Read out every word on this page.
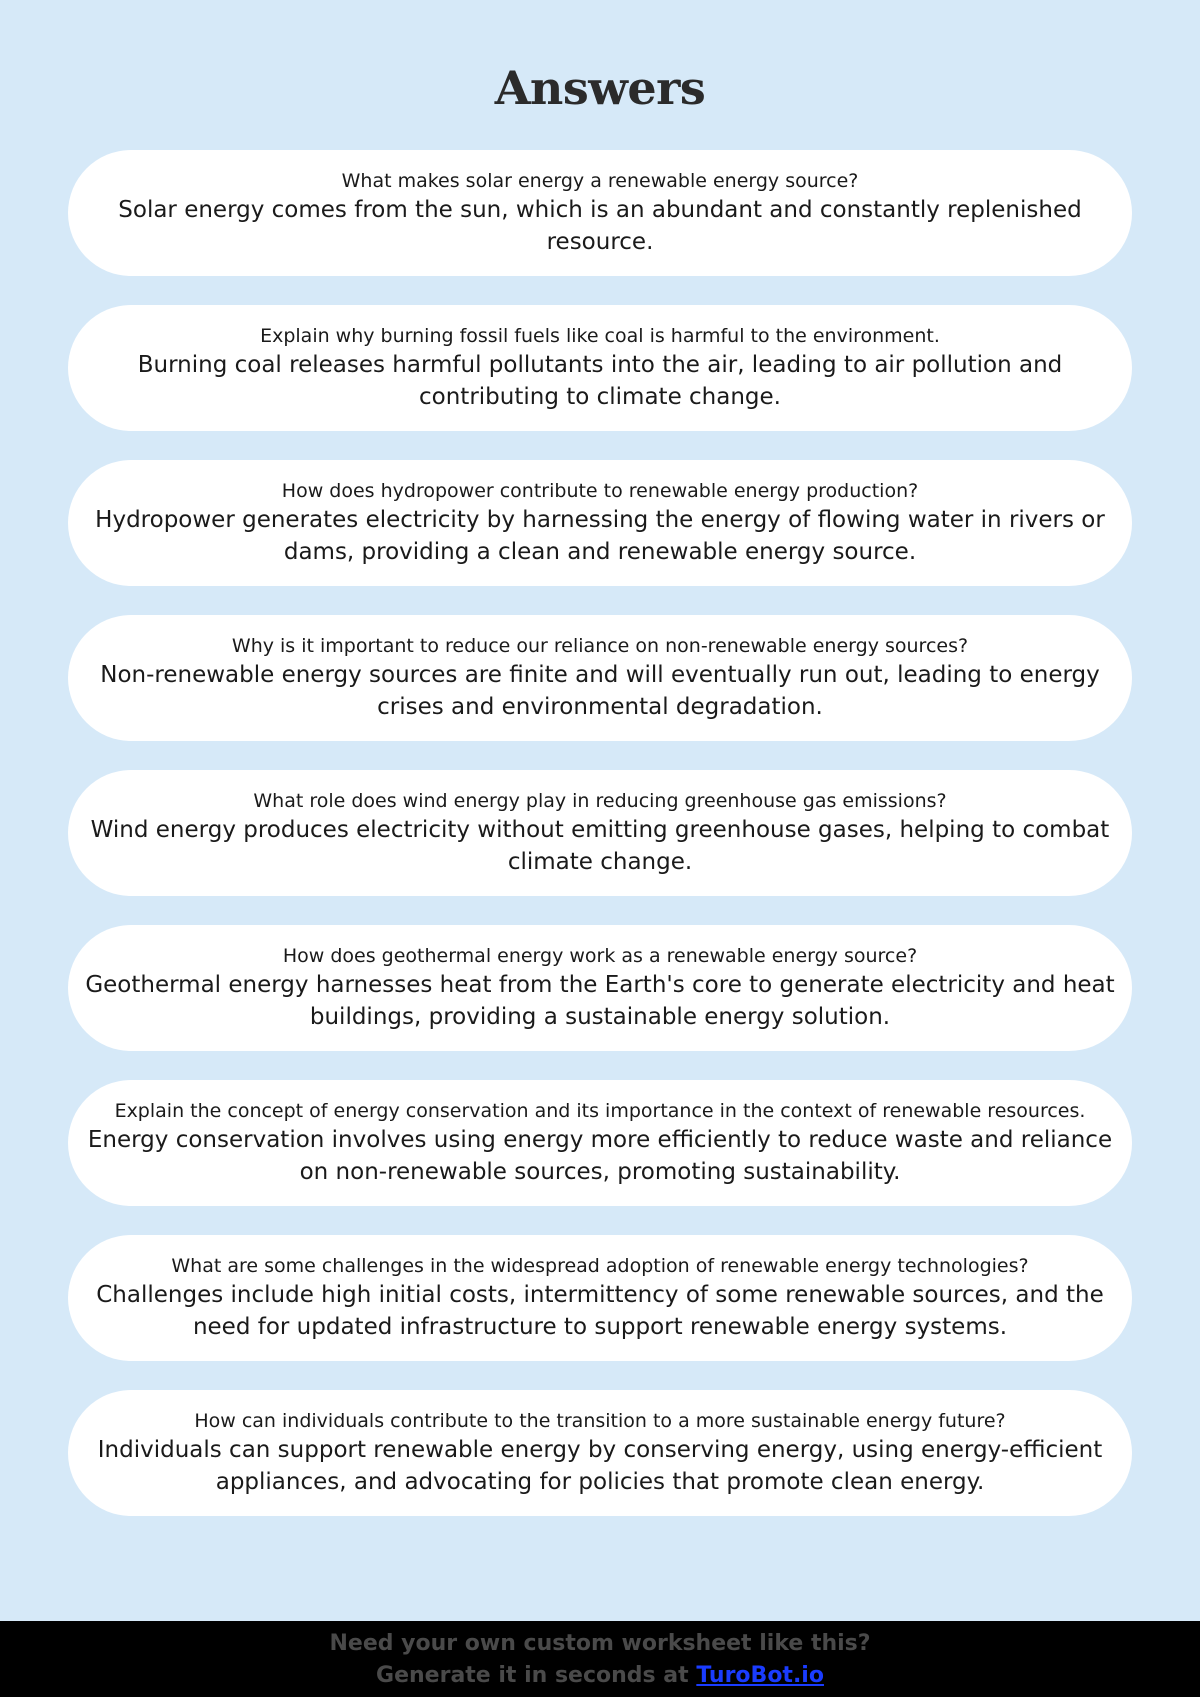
Answers
What makes solar energy a renewable energy source?
Solar energy comes from the sun, which is an abundant and constantly replenished resource.
Explain why burning fossil fuels like coal is harmful to the environment.
Burning coal releases harmful pollutants into the air, leading to air pollution and contributing to climate change.
How does hydropower contribute to renewable energy production?
Hydropower generates electricity by harnessing the energy of flowing water in rivers or dams, providing a clean and renewable energy source.
Why is it important to reduce our reliance on non-renewable energy sources?
Non-renewable energy sources are finite and will eventually run out, leading to energy crises and environmental degradation.
What role does wind energy play in reducing greenhouse gas emissions?
Wind energy produces electricity without emitting greenhouse gases, helping to combat climate change.
How does geothermal energy work as a renewable energy source?
Geothermal energy harnesses heat from the Earth's core to generate electricity and heat buildings, providing a sustainable energy solution.
Explain the concept of energy conservation and its importance in the context of renewable resources.
Energy conservation involves using energy more efficiently to reduce waste and reliance on non-renewable sources, promoting sustainability.
What are some challenges in the widespread adoption of renewable energy technologies?
Challenges include high initial costs, intermittency of some renewable sources, and the need for updated infrastructure to support renewable energy systems.
How can individuals contribute to the transition to a more sustainable energy future?
Individuals can support renewable energy by conserving energy, using energy-efficient appliances, and advocating for policies that promote clean energy.
Need your own custom worksheet like this?
Generate it in seconds at TuroBot.io
